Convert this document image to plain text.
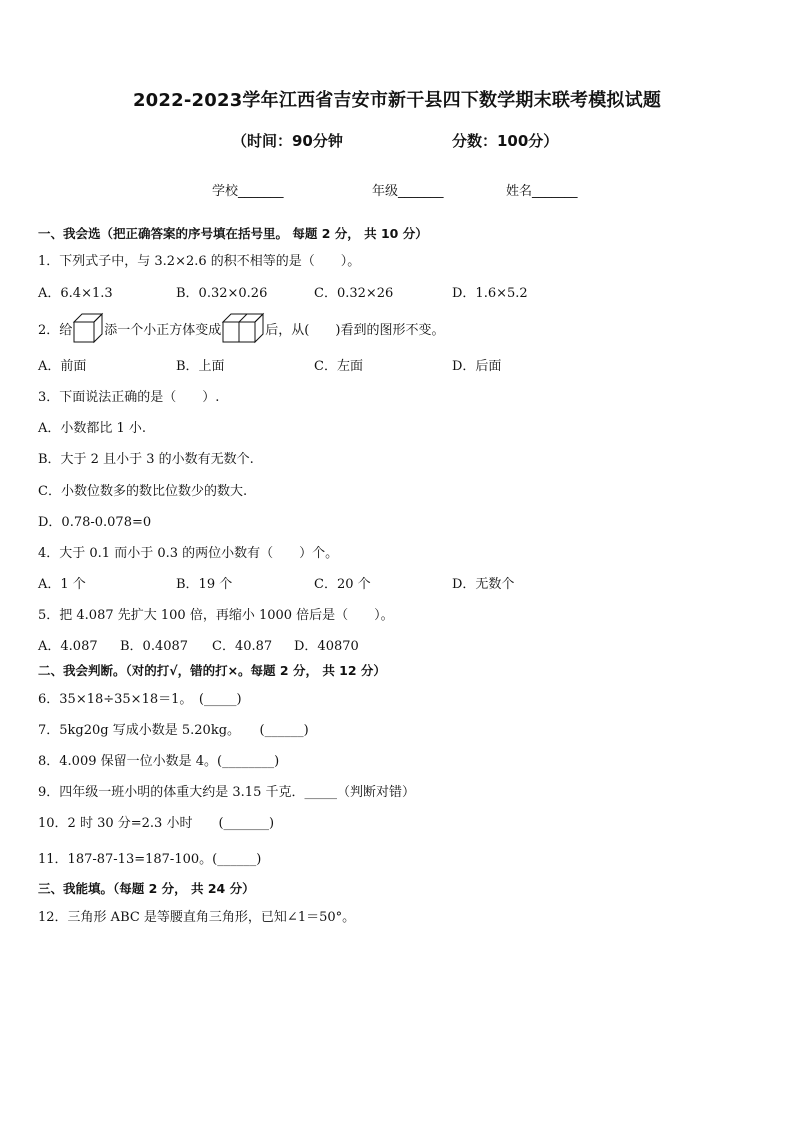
2022-2023学年江西省吉安市新干县四下数学期末联考模拟试题
（时间：90分钟	分数：100分）
学校_______	年级_______	姓名_______
一、我会选（把正确答案的序号填在括号里。 每题 2 分， 共 10 分）
1．下列式子中，与 3.2×2.6 的积不相等的是（　　）。
A．6.4×1.3	B．0.32×0.26	C．0.32×26	D．1.6×5.2
2．给 添一个小正方体变成	后，从(　　)看到的图形不变。
A．前面	B．上面	C．左面	D．后面
3．下面说法正确的是（　　）.
A．小数都比 1 小.
B．大于 2 且小于 3 的小数有无数个.
C．小数位数多的数比位数少的数大.
D．0.78-0.078=0
4．大于 0.1 而小于 0.3 的两位小数有（　　）个。
A．1 个	B．19 个	C．20 个	D．无数个
5．把 4.087 先扩大 100 倍，再缩小 1000 倍后是（　　）。
A．4.087 B．0.4087 C．40.87 D．40870
二、我会判断。（对的打√，错的打×。每题 2 分， 共 12 分）
6．35×18÷35×18＝1。　(_____)
7．5kg20g 写成小数是 5.20kg。　　(______)
8．4.009 保留一位小数是 4。(________)
9．四年级一班小明的体重大约是 3.15 千克．_____（判断对错）
10．2 时 30 分=2.3 小时　　(_______)
11．187-87-13=187-100。(______)
三、我能填。（每题 2 分， 共 24 分）
12．三角形 ABC 是等腰直角三角形，已知∠1＝50°。
